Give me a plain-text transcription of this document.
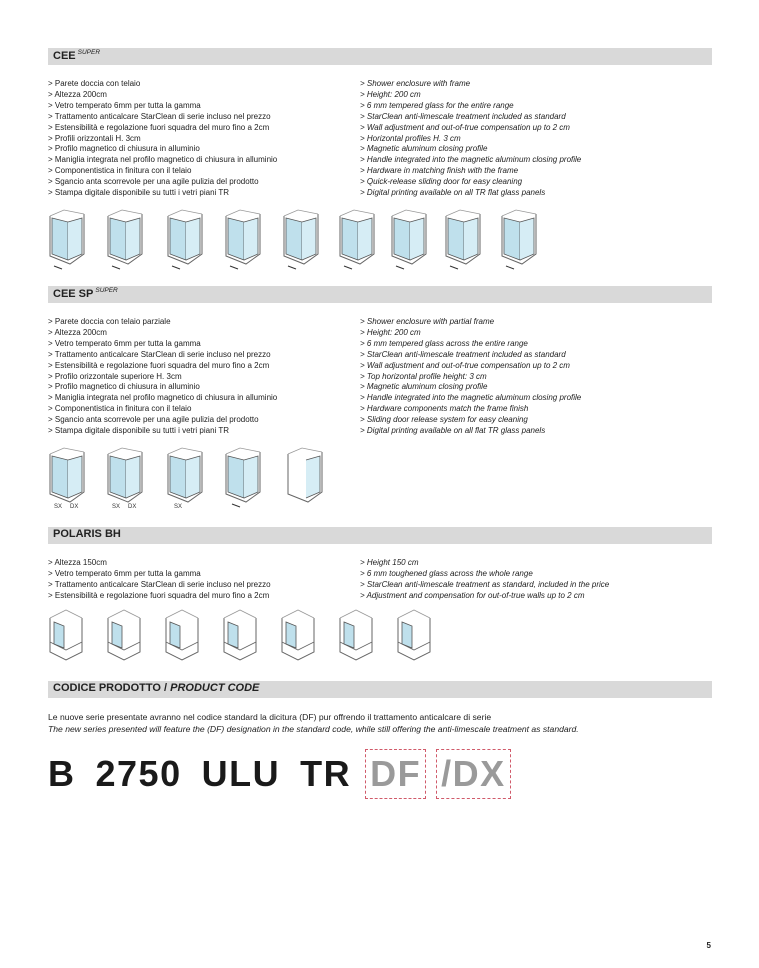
CEE $^{SUPER}$
> Parete doccia con telaio
> Altezza 200cm
> Vetro temperato 6mm per tutta la gamma
> Trattamento anticalcare StarClean di serie incluso nel prezzo
> Estensibilità e regolazione fuori squadra del muro fino a 2cm
> Profili orizzontali H. 3cm
> Profilo magnetico di chiusura in alluminio
> Maniglia integrata nel profilo magnetico di chiusura in alluminio
> Componentistica in finitura con il telaio
> Sgancio anta scorrevole per una agile pulizia del prodotto
> Stampa digitale disponibile su tutti i vetri piani TR
> Shower enclosure with frame
> Height: 200 cm
> 6 mm tempered glass for the entire range
> StarClean anti-limescale treatment included as standard
> Wall adjustment and out-of-true compensation up to 2 cm
> Horizontal profiles H. 3 cm
> Magnetic aluminum closing profile
> Handle integrated into the magnetic aluminum closing profile
> Hardware in matching finish with the frame
> Quick-release sliding door for easy cleaning
> Digital printing available on all TR flat glass panels
CEE SP $^{SUPER}$
> Parete doccia con telaio parziale
> Altezza 200cm
> Vetro temperato 6mm per tutta la gamma
> Trattamento anticalcare StarClean di serie incluso nel prezzo
> Estensibilità e regolazione fuori squadra del muro fino a 2cm
> Profilo orizzontale superiore H. 3cm
> Profilo magnetico di chiusura in alluminio
> Maniglia integrata nel profilo magnetico di chiusura in alluminio
> Componentistica in finitura con il telaio
> Sgancio anta scorrevole per una agile pulizia del prodotto
> Stampa digitale disponibile su tutti i vetri piani TR
> Shower enclosure with partial frame
> Height: 200 cm
> 6 mm tempered glass across the entire range
> StarClean anti-limescale treatment included as standard
> Wall adjustment and out-of-true compensation up to 2 cm
> Top horizontal profile height: 3 cm
> Magnetic aluminum closing profile
> Handle integrated into the magnetic aluminum closing profile
> Hardware components match the frame finish
> Sliding door release system for easy cleaning
> Digital printing available on all flat TR glass panels
SX DX	SX DX	SX
POLARIS BH
> Altezza 150cm
> Vetro temperato 6mm per tutta la gamma
> Trattamento anticalcare StarClean di serie incluso nel prezzo
> Estensibilità e regolazione fuori squadra del muro fino a 2cm
> Height 150 cm
> 6 mm toughened glass across the whole range
> StarClean anti-limescale treatment as standard, included in the price
> Adjustment and compensation for out-of-true walls up to 2 cm
CODICE PRODOTTO / PRODUCT CODE
Le nuove serie presentate avranno nel codice standard la dicitura (DF) pur offrendo il trattamento anticalcare di serie
The new series presented will feature the (DF) designation in the standard code, while still offering the anti-limescale treatment as standard.
B 2750 ULU TR DF /DX
5
